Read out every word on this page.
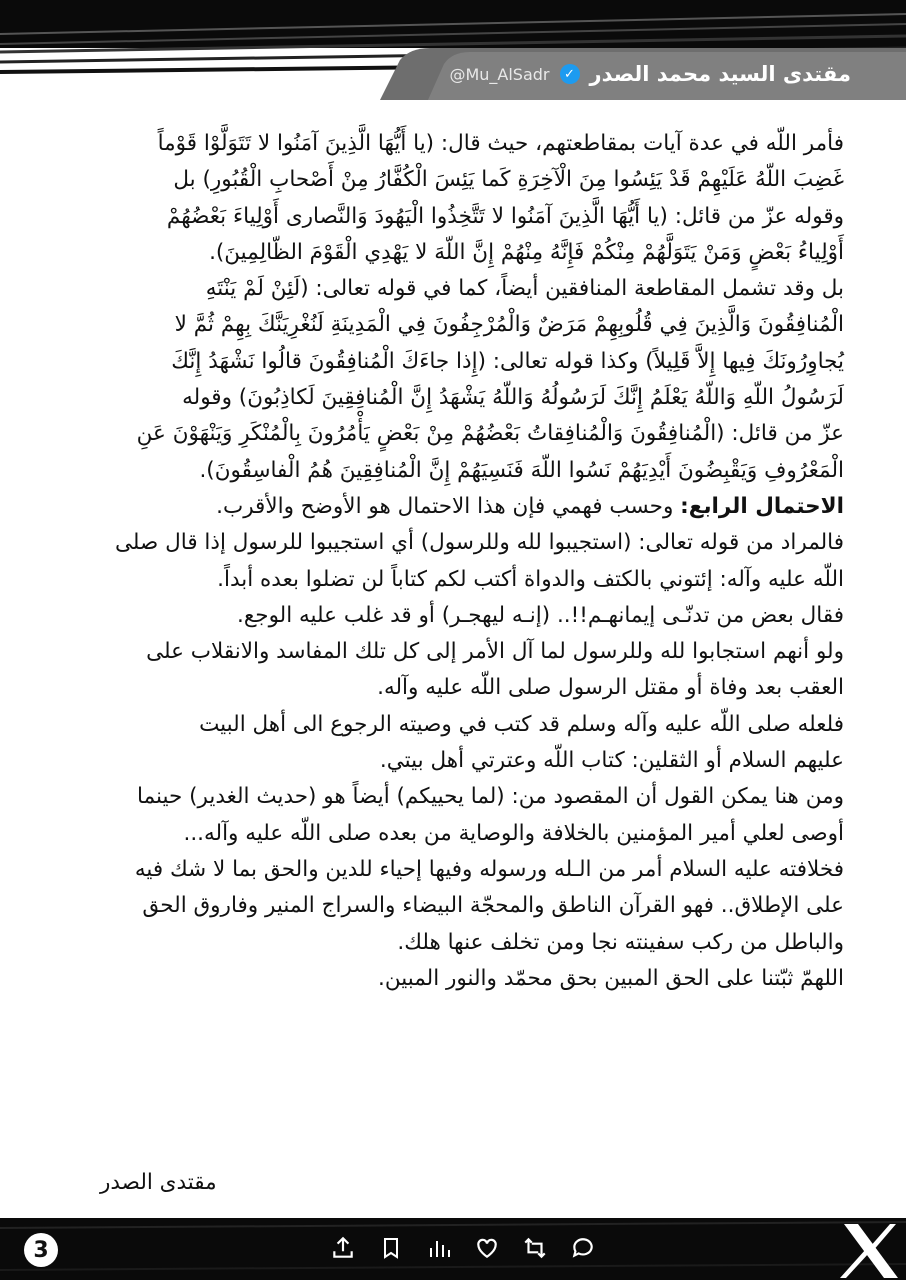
مقتدى السيد محمد الصدر
✓
@Mu_AlSadr

فأمر اللّه في عدة آيات بمقاطعتهم، حيث قال: (يا أَيُّهَا الَّذِينَ آمَنُوا لا تَتَوَلَّوْا قَوْماً

غَضِبَ اللّهُ عَلَيْهِمْ قَدْ يَئِسُوا مِنَ الْآخِرَةِ كَما يَئِسَ الْكُفَّارُ مِنْ أَصْحابِ الْقُبُورِ) بل

وقوله عزّ من قائل: (يا أَيُّهَا الَّذِينَ آمَنُوا لا تَتَّخِذُوا الْيَهُودَ وَالنَّصارى أَوْلِياءَ بَعْضُهُمْ

أَوْلِياءُ بَعْضٍ وَمَنْ يَتَوَلَّهُمْ مِنْكُمْ فَإِنَّهُ مِنْهُمْ إِنَّ اللّهَ لا يَهْدِي الْقَوْمَ الظّالِمِينَ).

بل وقد تشمل المقاطعة المنافقين أيضاً، كما في قوله تعالى: (لَئِنْ لَمْ يَنْتَهِ

الْمُنافِقُونَ وَالَّذِينَ فِي قُلُوبِهِمْ مَرَضٌ وَالْمُرْجِفُونَ فِي الْمَدِينَةِ لَنُغْرِيَنَّكَ بِهِمْ ثُمَّ لا

يُجاوِرُونَكَ فِيها إِلاَّ قَلِيلاً) وكذا قوله تعالى: (إِذا جاءَكَ الْمُنافِقُونَ قالُوا نَشْهَدُ إِنَّكَ

لَرَسُولُ اللّهِ وَاللّهُ يَعْلَمُ إِنَّكَ لَرَسُولُهُ وَاللّهُ يَشْهَدُ إِنَّ الْمُنافِقِينَ لَكاذِبُونَ) وقوله

عزّ من قائل: (الْمُنافِقُونَ وَالْمُنافِقاتُ بَعْضُهُمْ مِنْ بَعْضٍ يَأْمُرُونَ بِالْمُنْكَرِ وَيَنْهَوْنَ عَنِ

الْمَعْرُوفِ وَيَقْبِضُونَ أَيْدِيَهُمْ نَسُوا اللّهَ فَنَسِيَهُمْ إِنَّ الْمُنافِقِينَ هُمُ الْفاسِقُونَ).

الاحتمال الرابع: وحسب فهمي فإن هذا الاحتمال هو الأوضح والأقرب.

فالمراد من قوله تعالى: (استجيبوا لله وللرسول) أي استجيبوا للرسول إذا قال صلى

اللّه عليه وآله: إئتوني بالكتف والدواة أكتب لكم كتاباً لن تضلوا بعده أبداً.

فقال بعض من تدنّـى إيمانهـم!!.. (إنـه ليهجـر) أو قد غلب عليه الوجع.

ولو أنهم استجابوا لله وللرسول لما آل الأمر إلى كل تلك المفاسد والانقلاب على

العقب بعد وفاة أو مقتل الرسول صلى اللّه عليه وآله.

فلعله صلى اللّه عليه وآله وسلم قد كتب في وصيته الرجوع الى أهل البيت

عليهم السلام أو الثقلين: كتاب اللّه وعترتي أهل بيتي.

ومن هنا يمكن القول أن المقصود من: (لما يحييكم) أيضاً هو (حديث الغدير) حينما

أوصى لعلي أمير المؤمنين بالخلافة والوصاية من بعده صلى اللّه عليه وآله...

فخلافته عليه السلام أمر من الـله ورسوله وفيها إحياء للدين والحق بما لا شك فيه

على الإطلاق.. فهو القرآن الناطق والمحجّة البيضاء والسراج المنير وفاروق الحق

والباطل من ركب سفينته نجا ومن تخلف عنها هلك.

اللهمّ ثبّتنا على الحق المبين بحق محمّد والنور المبين.

مقتدى الصدر
3
